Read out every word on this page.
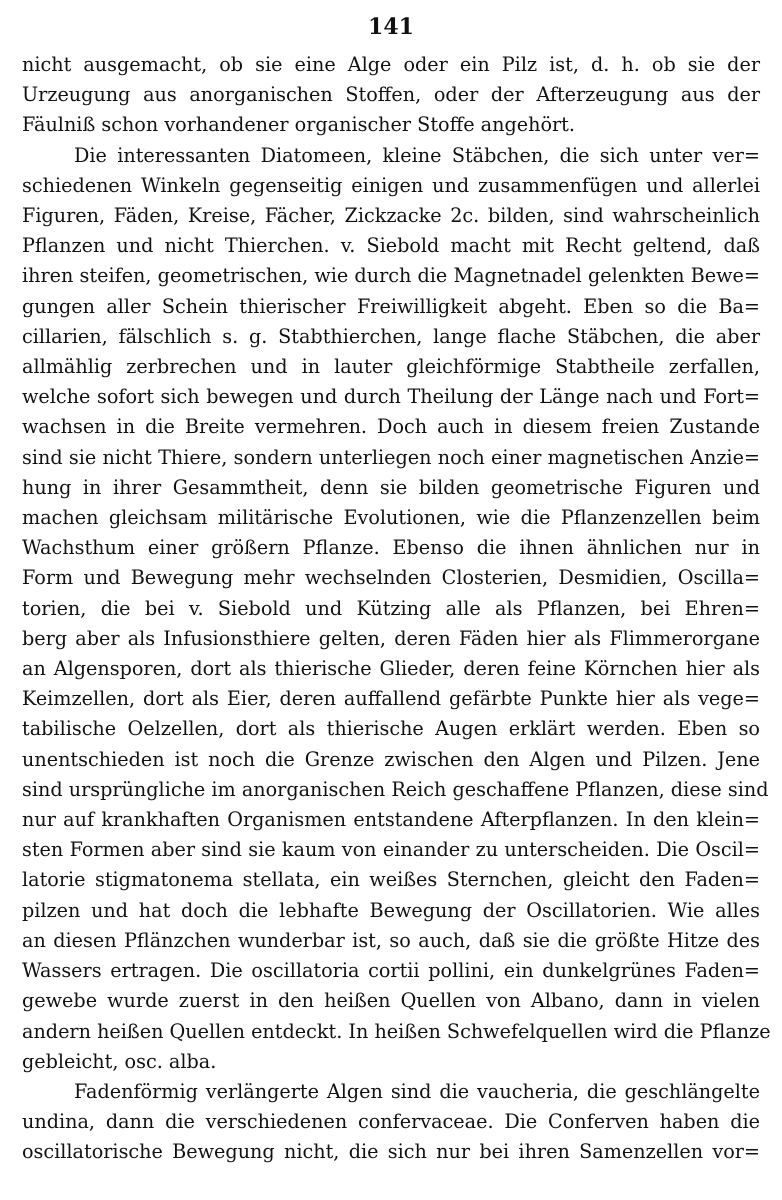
141
nicht ausgemacht, ob sie eine Alge oder ein Pilz ist, d. h. ob sie der
Urzeugung aus anorganischen Stoffen, oder der Afterzeugung aus der
Fäulniß schon vorhandener organischer Stoffe angehört.
Die interessanten Diatomeen, kleine Stäbchen, die sich unter ver=
schiedenen Winkeln gegenseitig einigen und zusammenfügen und allerlei
Figuren, Fäden, Kreise, Fächer, Zickzacke 2c. bilden, sind wahrscheinlich
Pflanzen und nicht Thierchen. v. Siebold macht mit Recht geltend, daß
ihren steifen, geometrischen, wie durch die Magnetnadel gelenkten Bewe=
gungen aller Schein thierischer Freiwilligkeit abgeht. Eben so die Ba=
cillarien, fälschlich s. g. Stabthierchen, lange flache Stäbchen, die aber
allmählig zerbrechen und in lauter gleichförmige Stabtheile zerfallen,
welche sofort sich bewegen und durch Theilung der Länge nach und Fort=
wachsen in die Breite vermehren. Doch auch in diesem freien Zustande
sind sie nicht Thiere, sondern unterliegen noch einer magnetischen Anzie=
hung in ihrer Gesammtheit, denn sie bilden geometrische Figuren und
machen gleichsam militärische Evolutionen, wie die Pflanzenzellen beim
Wachsthum einer größern Pflanze. Ebenso die ihnen ähnlichen nur in
Form und Bewegung mehr wechselnden Closterien, Desmidien, Oscilla=
torien, die bei v. Siebold und Kützing alle als Pflanzen, bei Ehren=
berg aber als Infusionsthiere gelten, deren Fäden hier als Flimmerorgane
an Algensporen, dort als thierische Glieder, deren feine Körnchen hier als
Keimzellen, dort als Eier, deren auffallend gefärbte Punkte hier als vege=
tabilische Oelzellen, dort als thierische Augen erklärt werden. Eben so
unentschieden ist noch die Grenze zwischen den Algen und Pilzen. Jene
sind ursprüngliche im anorganischen Reich geschaffene Pflanzen, diese sind
nur auf krankhaften Organismen entstandene Afterpflanzen. In den klein=
sten Formen aber sind sie kaum von einander zu unterscheiden. Die Oscil=
latorie stigmatonema stellata, ein weißes Sternchen, gleicht den Faden=
pilzen und hat doch die lebhafte Bewegung der Oscillatorien. Wie alles
an diesen Pflänzchen wunderbar ist, so auch, daß sie die größte Hitze des
Wassers ertragen. Die oscillatoria cortii pollini, ein dunkelgrünes Faden=
gewebe wurde zuerst in den heißen Quellen von Albano, dann in vielen
andern heißen Quellen entdeckt. In heißen Schwefelquellen wird die Pflanze
gebleicht, osc. alba.
Fadenförmig verlängerte Algen sind die vaucheria, die geschlängelte
undina, dann die verschiedenen confervaceae. Die Conferven haben die
oscillatorische Bewegung nicht, die sich nur bei ihren Samenzellen vor=
